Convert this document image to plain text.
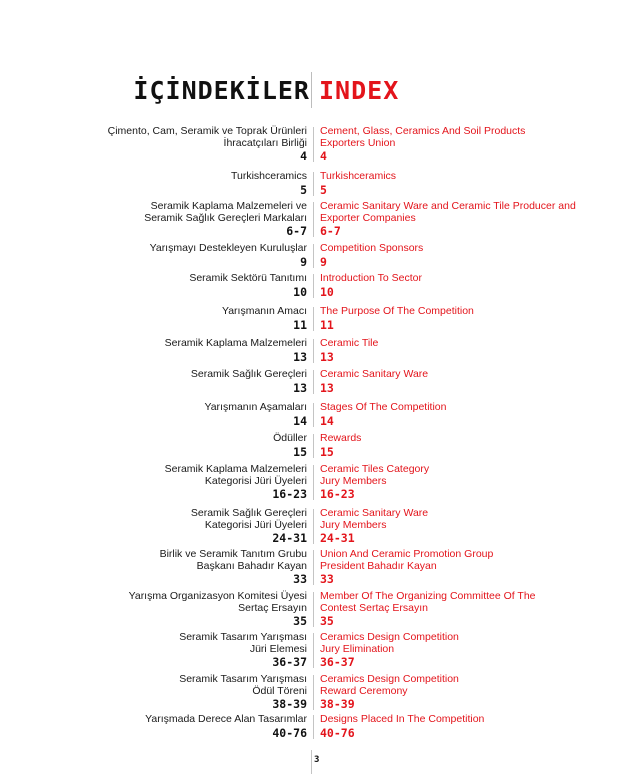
İÇİNDEKİLER INDEX
Çimento, Cam, Seramik ve Toprak Ürünleri
İhracatçıları Birliği
4
Cement, Glass, Ceramics And Soil Products
Exporters Union
4
Turkishceramics
5
Turkishceramics
5
Seramik Kaplama Malzemeleri ve
Seramik Sağlık Gereçleri Markaları
6-7
Ceramic Sanitary Ware and Ceramic Tile Producer and
Exporter Companies
6-7
Yarışmayı Destekleyen Kuruluşlar
9
Competition Sponsors
9
Seramik Sektörü Tanıtımı
10
Introduction To Sector
10
Yarışmanın Amacı
11
The Purpose Of The Competition
11
Seramik Kaplama Malzemeleri
13
Ceramic Tile
13
Seramik Sağlık Gereçleri
13
Ceramic Sanitary Ware
13
Yarışmanın Aşamaları
14
Stages Of The Competition
14
Ödüller
15
Rewards
15
Seramik Kaplama Malzemeleri
Kategorisi Jüri Üyeleri
16-23
Ceramic Tiles Category
Jury Members
16-23
Seramik Sağlık Gereçleri
Kategorisi Jüri Üyeleri
24-31
Ceramic Sanitary Ware
Jury Members
24-31
Birlik ve Seramik Tanıtım Grubu
Başkanı Bahadır Kayan
33
Union And Ceramic Promotion Group
President Bahadır Kayan
33
Yarışma Organizasyon Komitesi Üyesi
Sertaç Ersayın
35
Member Of The Organizing Committee Of The
Contest Sertaç Ersayın
35
Seramik Tasarım Yarışması
Jüri Elemesi
36-37
Ceramics Design Competition
Jury Elimination
36-37
Seramik Tasarım Yarışması
Ödül Töreni
38-39
Ceramics Design Competition
Reward Ceremony
38-39
Yarışmada Derece Alan Tasarımlar
40-76
Designs Placed In The Competition
40-76
3
